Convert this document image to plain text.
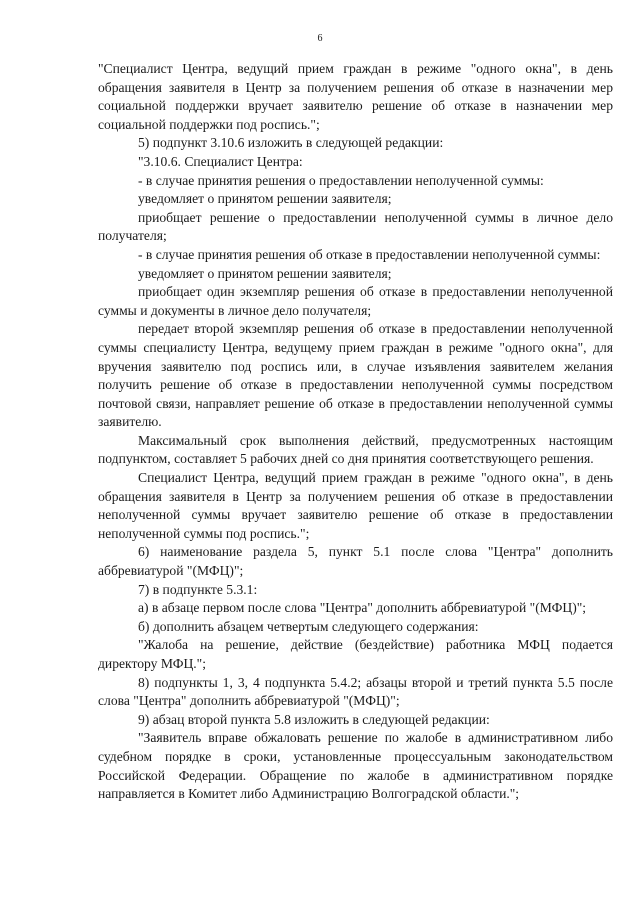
6

"Специалист Центра, ведущий прием граждан в режиме "одного окна", в день обращения заявителя в Центр за получением решения об отказе в назначении мер социальной поддержки вручает заявителю решение об отказе в назначении мер социальной поддержки под роспись.";

5) подпункт 3.10.6 изложить в следующей редакции:

"3.10.6. Специалист Центра:

- в случае принятия решения о предоставлении неполученной суммы:

уведомляет о принятом решении заявителя;

приобщает решение о предоставлении неполученной суммы в личное дело получателя;

- в случае принятия решения об отказе в предоставлении неполученной суммы:

уведомляет о принятом решении заявителя;

приобщает один экземпляр решения об отказе в предоставлении неполученной суммы и документы в личное дело получателя;

передает второй экземпляр решения об отказе в предоставлении неполученной суммы специалисту Центра, ведущему прием граждан в режиме "одного окна", для вручения заявителю под роспись или, в случае изъявления заявителем желания получить решение об отказе в предоставлении неполученной суммы посредством почтовой связи, направляет решение об отказе в предоставлении неполученной суммы заявителю.

Максимальный срок выполнения действий, предусмотренных настоящим подпунктом, составляет 5 рабочих дней со дня принятия соответствующего решения.

Специалист Центра, ведущий прием граждан в режиме "одного окна", в день обращения заявителя в Центр за получением решения об отказе в предоставлении неполученной суммы вручает заявителю решение об отказе в предоставлении неполученной суммы под роспись.";

6) наименование раздела 5, пункт 5.1 после слова "Центра" дополнить аббревиатурой "(МФЦ)";

7) в подпункте 5.3.1:

а) в абзаце первом после слова "Центра" дополнить аббревиатурой "(МФЦ)";

б) дополнить абзацем четвертым следующего содержания:

"Жалоба на решение, действие (бездействие) работника МФЦ подается директору МФЦ.";

8) подпункты 1, 3, 4 подпункта 5.4.2; абзацы второй и третий пункта 5.5 после слова "Центра" дополнить аббревиатурой "(МФЦ)";

9) абзац второй пункта 5.8 изложить в следующей редакции:

"Заявитель вправе обжаловать решение по жалобе в административном либо судебном порядке в сроки, установленные процессуальным законодательством Российской Федерации. Обращение по жалобе в административном порядке направляется в Комитет либо Администрацию Волгоградской области.";
